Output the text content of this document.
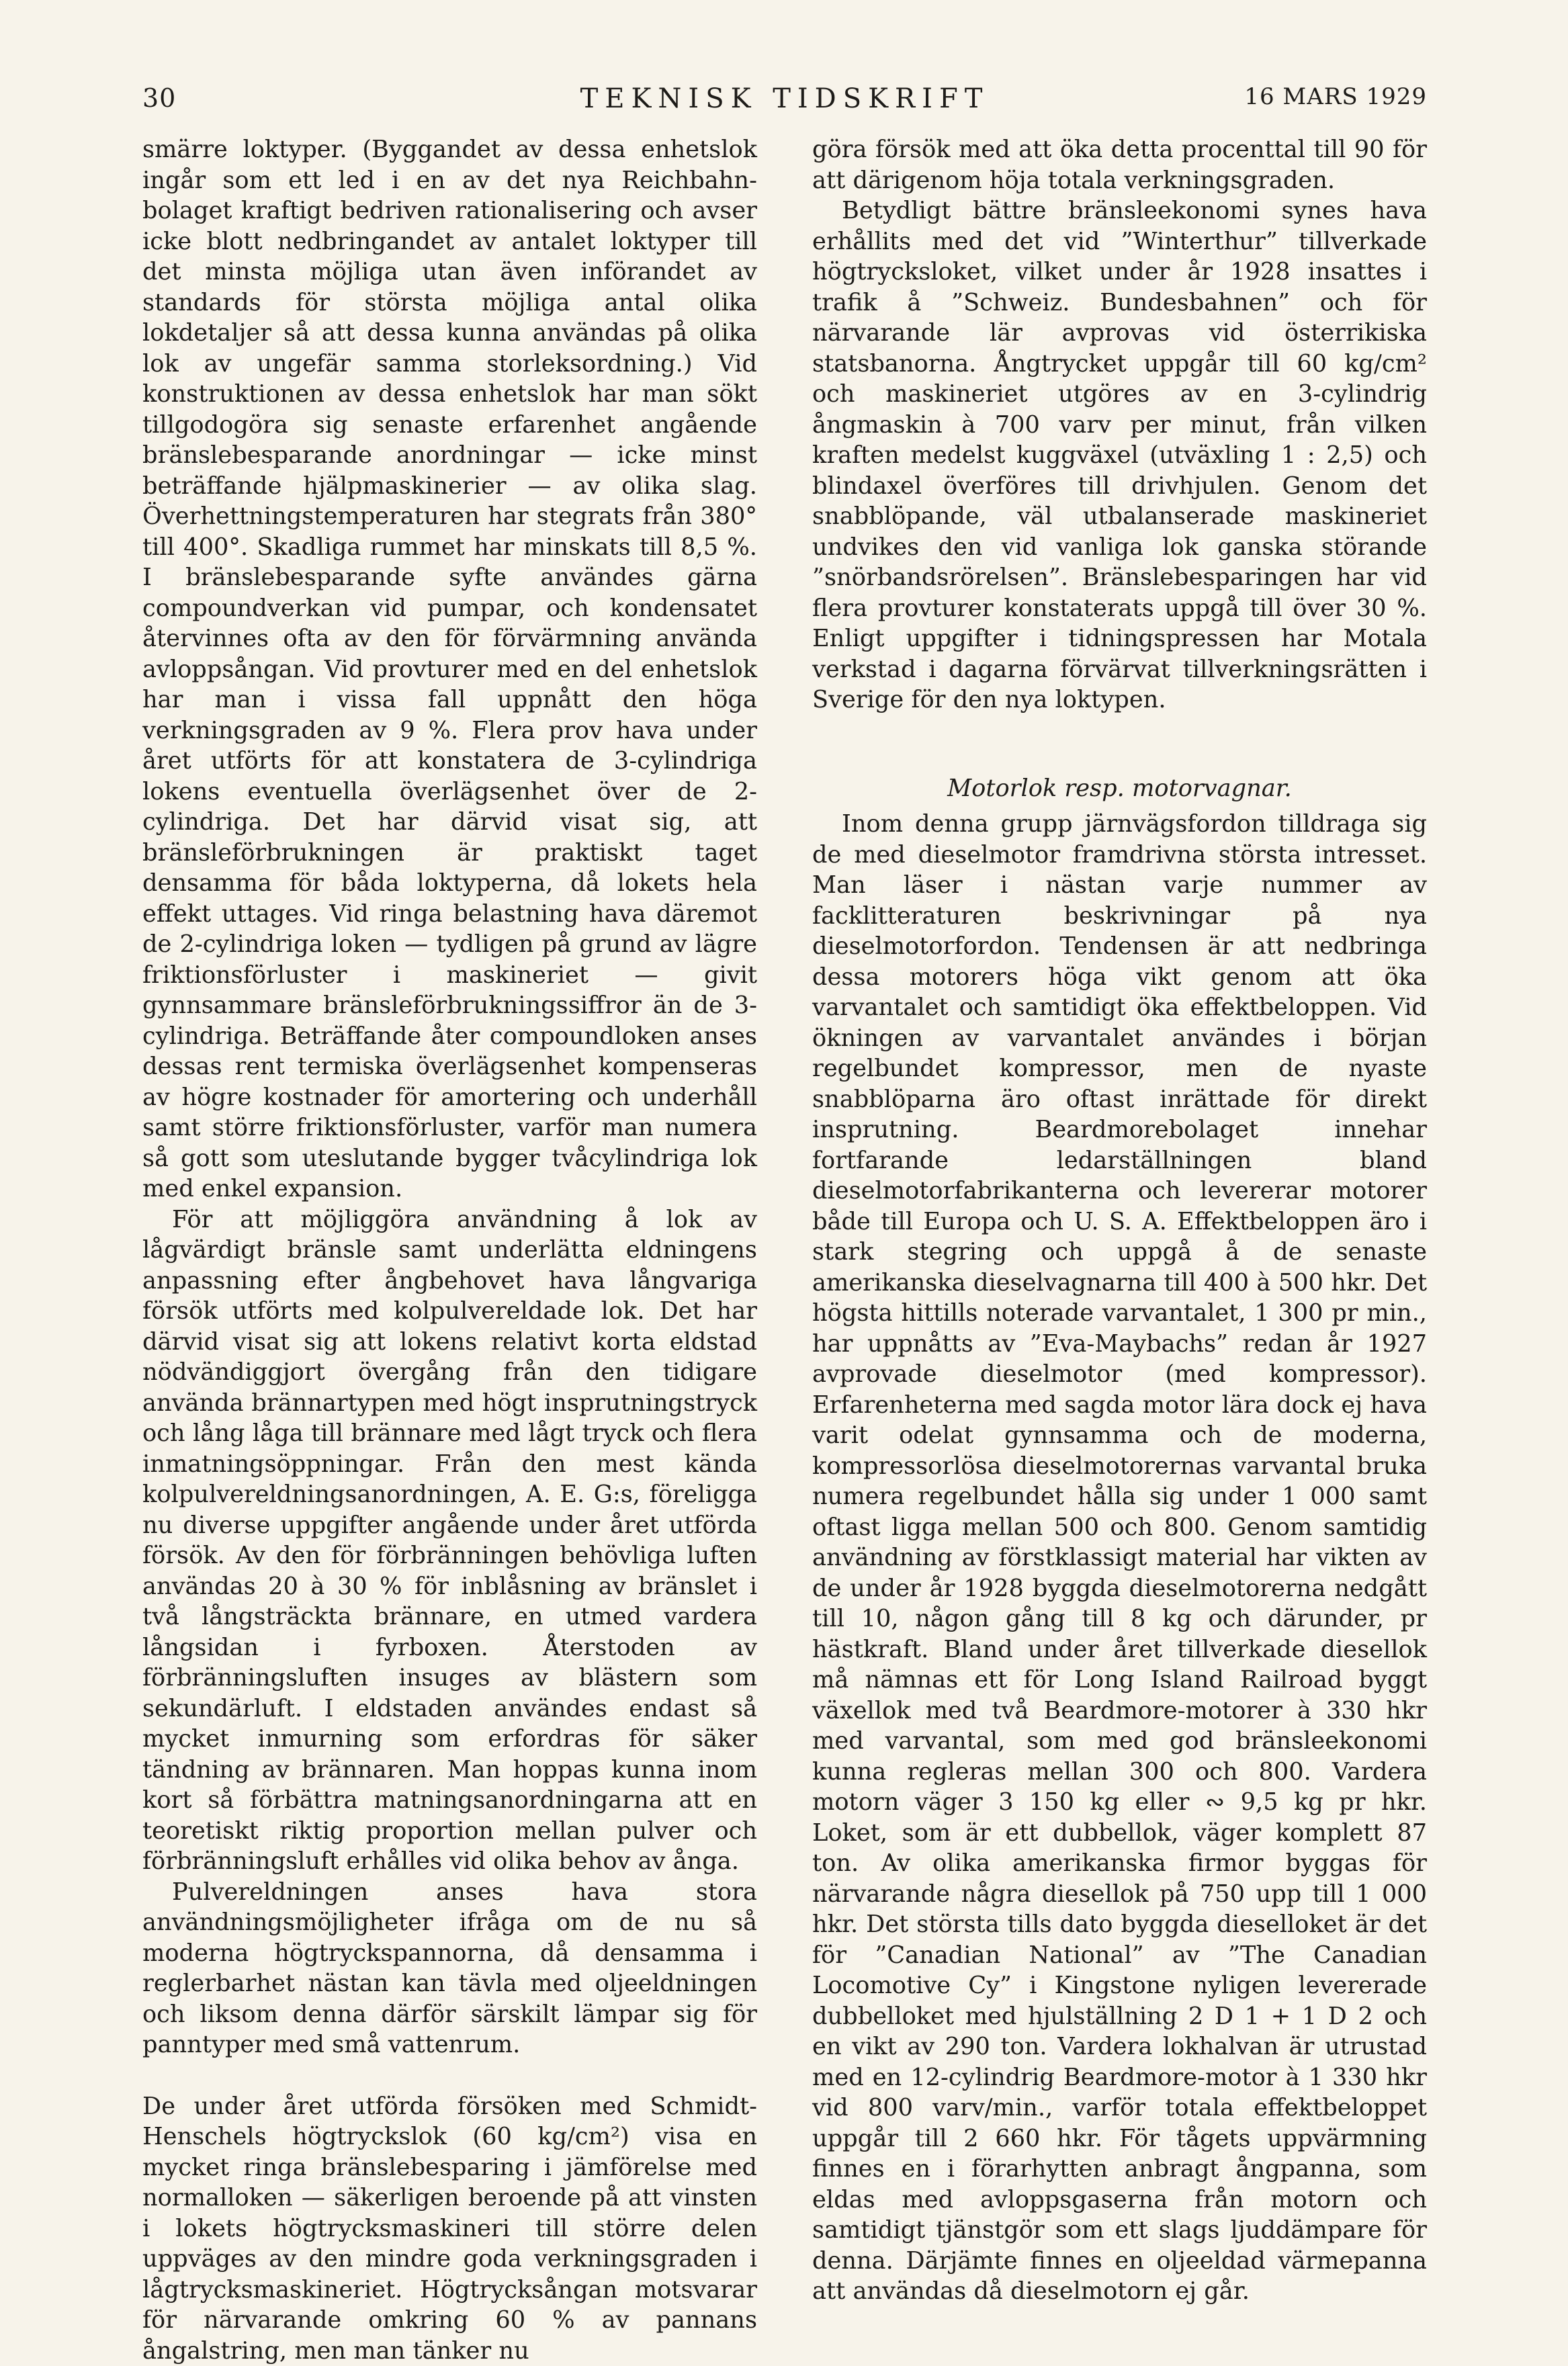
30	TEKNISK TIDSKRIFT	16 MARS 1929

smärre loktyper. (Byggandet av dessa enhetslok ingår som ett led i en av det nya Reichbahn-bolaget kraftigt bedriven rationalisering och avser icke blott nedbringandet av antalet loktyper till det minsta möjliga utan även införandet av standards för största möjliga antal olika lokdetaljer så att dessa kunna användas på olika lok av ungefär samma storleksordning.) Vid konstruktionen av dessa enhetslok har man sökt tillgodogöra sig senaste erfarenhet angående bränslebesparande anordningar — icke minst beträffande hjälpmaskinerier — av olika slag. Överhettningstemperaturen har stegrats från 380° till 400°. Skadliga rummet har minskats till 8,5 %. I bränslebesparande syfte användes gärna compoundverkan vid pumpar, och kondensatet återvinnes ofta av den för förvärmning använda avloppsångan. Vid provturer med en del enhetslok har man i vissa fall uppnått den höga verkningsgraden av 9 %. Flera prov hava under året utförts för att konstatera de 3-cylindriga lokens eventuella överlägsenhet över de 2-cylindriga. Det har därvid visat sig, att bränsleförbrukningen är praktiskt taget densamma för båda loktyperna, då lokets hela effekt uttages. Vid ringa belastning hava däremot de 2-cylindriga loken — tydligen på grund av lägre friktionsförluster i maskineriet — givit gynnsammare bränsleförbrukningssiffror än de 3-cylindriga. Beträffande åter compoundloken anses dessas rent termiska överlägsenhet kompenseras av högre kostnader för amortering och underhåll samt större friktionsförluster, varför man numera så gott som uteslutande bygger tvåcylindriga lok med enkel expansion.

För att möjliggöra användning å lok av lågvärdigt bränsle samt underlätta eldningens anpassning efter ångbehovet hava långvariga försök utförts med kolpulvereldade lok. Det har därvid visat sig att lokens relativt korta eldstad nödvändiggjort övergång från den tidigare använda brännartypen med högt insprutningstryck och lång låga till brännare med lågt tryck och flera inmatningsöppningar. Från den mest kända kolpulvereldningsanordningen, A. E. G:s, föreligga nu diverse uppgifter angående under året utförda försök. Av den för förbränningen behövliga luften användas 20 à 30 % för inblåsning av bränslet i två långsträckta brännare, en utmed vardera långsidan i fyrboxen. Återstoden av förbränningsluften insuges av blästern som sekundärluft. I eldstaden användes endast så mycket inmurning som erfordras för säker tändning av brännaren. Man hoppas kunna inom kort så förbättra matningsanordningarna att en teoretiskt riktig proportion mellan pulver och förbränningsluft erhålles vid olika behov av ånga.

Pulvereldningen anses hava stora användningsmöjligheter ifråga om de nu så moderna högtryckspannorna, då densamma i reglerbarhet nästan kan tävla med oljeeldningen och liksom denna därför särskilt lämpar sig för panntyper med små vattenrum.

De under året utförda försöken med Schmidt-Henschels högtryckslok (60 kg/cm²) visa en mycket ringa bränslebesparing i jämförelse med normalloken — säkerligen beroende på att vinsten i lokets högtrycksmaskineri till större delen uppväges av den mindre goda verkningsgraden i lågtrycksmaskineriet. Högtrycksångan motsvarar för närvarande omkring 60 % av pannans ångalstring, men man tänker nu

göra försök med att öka detta procenttal till 90 för att därigenom höja totala verkningsgraden.

Betydligt bättre bränsleekonomi synes hava erhållits med det vid ”Winterthur” tillverkade högtrycksloket, vilket under år 1928 insattes i trafik å ”Schweiz. Bundesbahnen” och för närvarande lär avprovas vid österrikiska statsbanorna. Ångtrycket uppgår till 60 kg/cm² och maskineriet utgöres av en 3-cylindrig ångmaskin à 700 varv per minut, från vilken kraften medelst kuggväxel (utväxling 1 : 2,5) och blindaxel överföres till drivhjulen. Genom det snabblöpande, väl utbalanserade maskineriet undvikes den vid vanliga lok ganska störande ”snörbandsrörelsen”. Bränslebesparingen har vid flera provturer konstaterats uppgå till över 30 %. Enligt uppgifter i tidningspressen har Motala verkstad i dagarna förvärvat tillverkningsrätten i Sverige för den nya loktypen.

Motorlok resp. motorvagnar.

Inom denna grupp järnvägsfordon tilldraga sig de med dieselmotor framdrivna största intresset. Man läser i nästan varje nummer av facklitteraturen beskrivningar på nya dieselmotorfordon. Tendensen är att nedbringa dessa motorers höga vikt genom att öka varvantalet och samtidigt öka effektbeloppen. Vid ökningen av varvantalet användes i början regelbundet kompressor, men de nyaste snabblöparna äro oftast inrättade för direkt insprutning. Beardmorebolaget innehar fortfarande ledarställningen bland dieselmotorfabrikanterna och levererar motorer både till Europa och U. S. A. Effektbeloppen äro i stark stegring och uppgå å de senaste amerikanska dieselvagnarna till 400 à 500 hkr. Det högsta hittills noterade varvantalet, 1 300 pr min., har uppnåtts av ”Eva-Maybachs” redan år 1927 avprovade dieselmotor (med kompressor). Erfarenheterna med sagda motor lära dock ej hava varit odelat gynnsamma och de moderna, kompressorlösa dieselmotorernas varvantal bruka numera regelbundet hålla sig under 1 000 samt oftast ligga mellan 500 och 800. Genom samtidig användning av förstklassigt material har vikten av de under år 1928 byggda dieselmotorerna nedgått till 10, någon gång till 8 kg och därunder, pr hästkraft. Bland under året tillverkade diesellok må nämnas ett för Long Island Railroad byggt växellok med två Beardmore-motorer à 330 hkr med varvantal, som med god bränsleekonomi kunna regleras mellan 300 och 800. Vardera motorn väger 3 150 kg eller ∾ 9,5 kg pr hkr. Loket, som är ett dubbellok, väger komplett 87 ton. Av olika amerikanska firmor byggas för närvarande några diesellok på 750 upp till 1 000 hkr. Det största tills dato byggda dieselloket är det för ”Canadian National” av ”The Canadian Locomotive Cy” i Kingstone nyligen levererade dubbelloket med hjulställning 2 D 1 + 1 D 2 och en vikt av 290 ton. Vardera lokhalvan är utrustad med en 12-cylindrig Beardmore-motor à 1 330 hkr vid 800 varv/min., varför totala effektbeloppet uppgår till 2 660 hkr. För tågets uppvärmning finnes en i förarhytten anbragt ångpanna, som eldas med avloppsgaserna från motorn och samtidigt tjänstgör som ett slags ljuddämpare för denna. Därjämte finnes en oljeeldad värmepanna att användas då dieselmotorn ej går.
